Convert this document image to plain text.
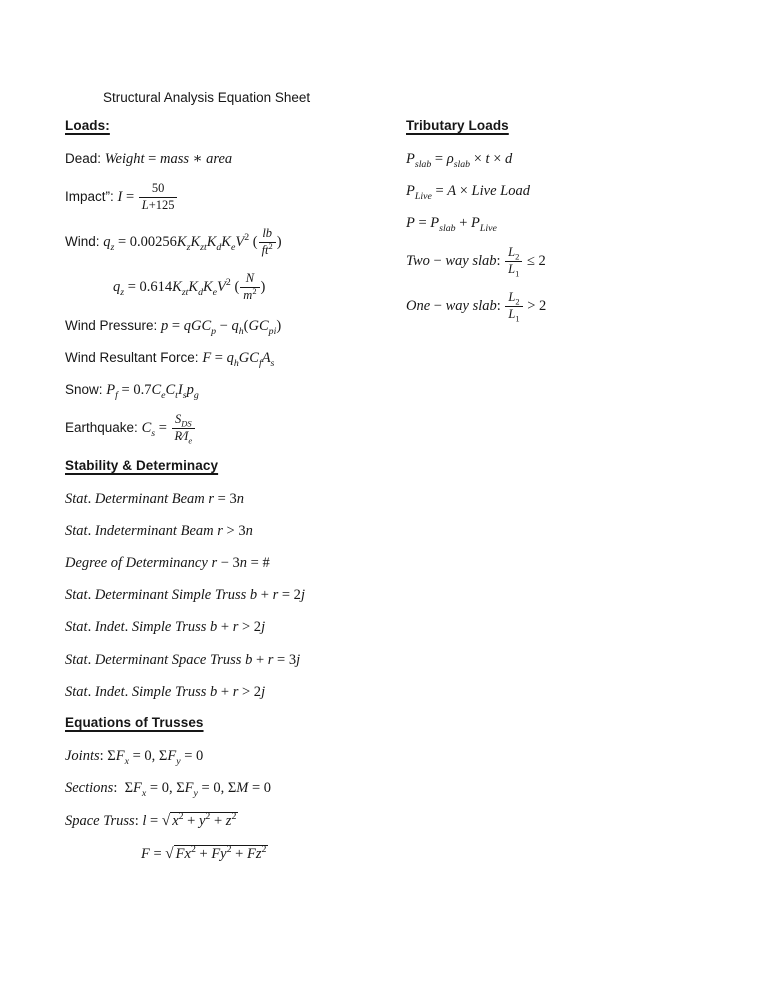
Structural Analysis Equation Sheet
Loads:
Dead: Weight = mass ∗ area
Impact”: $I = \frac{50}{L+125}$
Wind: $q_z = 0.00256K_zK_{zt}K_dK_eV^2$ ( $\frac{lb}{ft^2}$ )
$q_z = 0.614K_{zt}K_dK_eV^2$ ( $\frac{N}{m^2}$ )
Wind Pressure: $p = qGC_p - q_h(GC_{pi})$
Wind Resultant Force: $F = q_hGC_fA_s$
Snow: $P_f = 0.7C_eC_tI_sp_g$
Earthquake: $C_s$ =
$S_{DS}$
$R∕I_e$
Stability & Determinacy
Stat. Determinant Beam r = 3n
Stat. Indeterminant Beam r > 3n
Degree of Determinancy r − 3n = #
Stat. Determinant Simple Truss b + r = 2j
Stat. Indet. Simple Truss b + r > 2j
Stat. Determinant Space Truss b + r = 3j
Stat. Indet. Simple Truss b + r > 2j
Equations of Trusses
Joints: $\Sigma F_x = 0$, $\Sigma F_y = 0$
Sections:  $\Sigma F_x = 0$, $\Sigma F_y = 0$, ΣM = 0
Space Truss: l = √ $x^2 + y^2 + z^2$
F = √ $Fx^2 + Fy^2 + Fz^2$
Tributary Loads
$P_{slab} = \rho_{slab} \times t \times d$
$P_{Live} = A$ × Live Load
$P = P_{slab} + P_{Live}$
Two − way slab: $\frac{L_2}{L_1} \le 2$
One − way slab: $\frac{L_2}{L_1} > 2$
